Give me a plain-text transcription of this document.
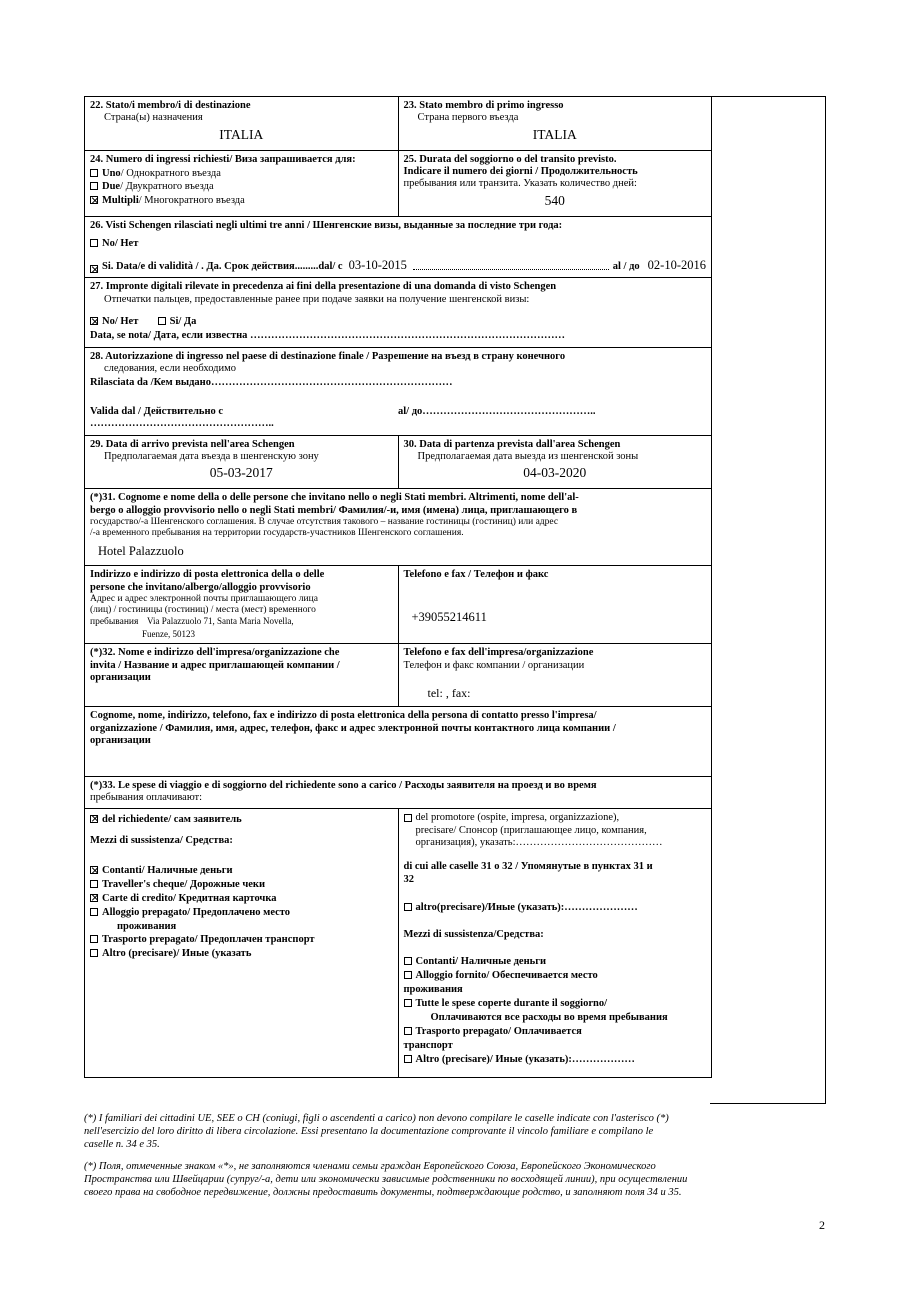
22. Stato/i membro/i di destinazione
Страна(ы) назначения
ITALIA
23. Stato membro di primo ingresso
Страна первого въезда
ITALIA
24. Numero di ingressi richiesti/ Виза запрашивается для:
Uno/ Однократного въезда
Due/ Двукратного въезда
Multipli/ Многократного въезда
25. Durata del soggiorno o del transito previsto.
Indicare il numero dei giorni / Продолжительность
пребывания или транзита. Указать количество дней:
540
26. Visti Schengen rilasciati negli ultimi tre anni / Шенгенские визы, выданные за последние три года:
No/ Нет
Si. Data/e di validità / . Да. Срок действия.........dal/ с 03-10-2015	al / до 02-10-2016
27. Impronte digitali rilevate in precedenza ai fini della presentazione di una domanda di visto Schengen
Отпечатки пальцев, предоставленные ранее при подаче заявки на получение шенгенской визы:
No/ Нет	Si/ Да
Data, se nota/ Дата, если известна ………………………………………………………………………………
28. Autorizzazione di ingresso nel paese di destinazione finale / Разрешение на въезд в страну конечного
следования, если необходимо
Rilasciata da /Кем выдано……………………………………………………………
Valida dal / Действительно с ……………………………………………..
al/ до…………………………………………..
29. Data di arrivo prevista nell'area Schengen
Предполагаемая дата въезда в шенгенскую зону
05-03-2017
30. Data di partenza prevista dall'area Schengen
Предполагаемая дата выезда из шенгенской зоны
04-03-2020
(*)31. Cognome e nome della o delle persone che invitano nello o negli Stati membri. Altrimenti, nome dell'al-
bergo o alloggio provvisorio nello o negli Stati membri/ Фамилия/-и, имя (имена) лица, приглашающего в
государство/-а Шенгенского соглашения. В случае отсутствия такового – название гостиницы (гостиниц) или адрес
/-а временного пребывания на территории государств-участников Шенгенского соглашения.
Hotel Palazzuolo
Indirizzo e indirizzo di posta elettronica della o delle
persone che invitano/albergo/alloggio provvisorio
Адрес и адрес электронной почты приглашающего лица
(лиц) / гостиницы (гостиниц) / места (мест) временного
пребывания Via Palazzuolo 71, Santa Maria Novella,
Fuenze, 50123
Telefono e fax / Телефон и факс
+39055214611
(*)32. Nome e indirizzo dell'impresa/organizzazione che
invita / Название и адрес приглашающей компании /
организации
Telefono e fax dell'impresa/organizzazione
Телефон и факс компании / организации
tel: , fax:
Cognome, nome, indirizzo, telefono, fax e indirizzo di posta elettronica della persona di contatto presso l'impresa/
organizzazione / Фамилия, имя, адрес, телефон, факс и адрес электронной почты контактного лица компании /
организации
(*)33. Le spese di viaggio e di soggiorno del richiedente sono a carico / Расходы заявителя на проезд и во время
пребывания оплачивают:
del richiedente/ сам заявитель
Mezzi di sussistenza/ Средства:
Contanti/ Наличные деньги
Traveller's cheque/ Дорожные чеки
Carte di credito/ Кредитная карточка
Alloggio prepagato/ Предоплачено место
проживания
Trasporto prepagato/ Предоплачен транспорт
Altro (precisare)/ Иные (указать
del promotore (ospite, impresa, organizzazione),
precisare/ Спонсор (приглашающее лицо, компания,
организация), указать:……………………………………
di cui alle caselle 31 o 32 / Упомянутые в пунктах 31 и
32
altro(precisare)/Иные (указать):…………………
Mezzi di sussistenza/Средства:
Contanti/ Наличные деньги
Alloggio fornito/ Обеспечивается место
проживания
Tutte le spese coperte durante il soggiorno/
Оплачиваются все расходы во время пребывания
Trasporto prepagato/ Оплачивается
транспорт
Altro (precisare)/ Иные (указать):………………
(*) I familiari dei cittadini UE, SEE o CH (coniugi, figli o ascendenti a carico) non devono compilare le caselle indicate con l'asterisco (*)
nell'esercizio del loro diritto di libera circolazione. Essi presentano la documentazione comprovante il vincolo familiare e compilano le
caselle n. 34 e 35.
(*) Поля, отмеченные знаком «*», не заполняются членами семьи граждан Европейского Союза, Европейского Экономического
Пространства или Швейцарии (супруг/-а, дети или экономически зависимые родственники по восходящей линии), при осуществлении
своего права на свободное передвижение, должны предоставить документы, подтверждающие родство, и заполняют поля 34 и 35.
2
